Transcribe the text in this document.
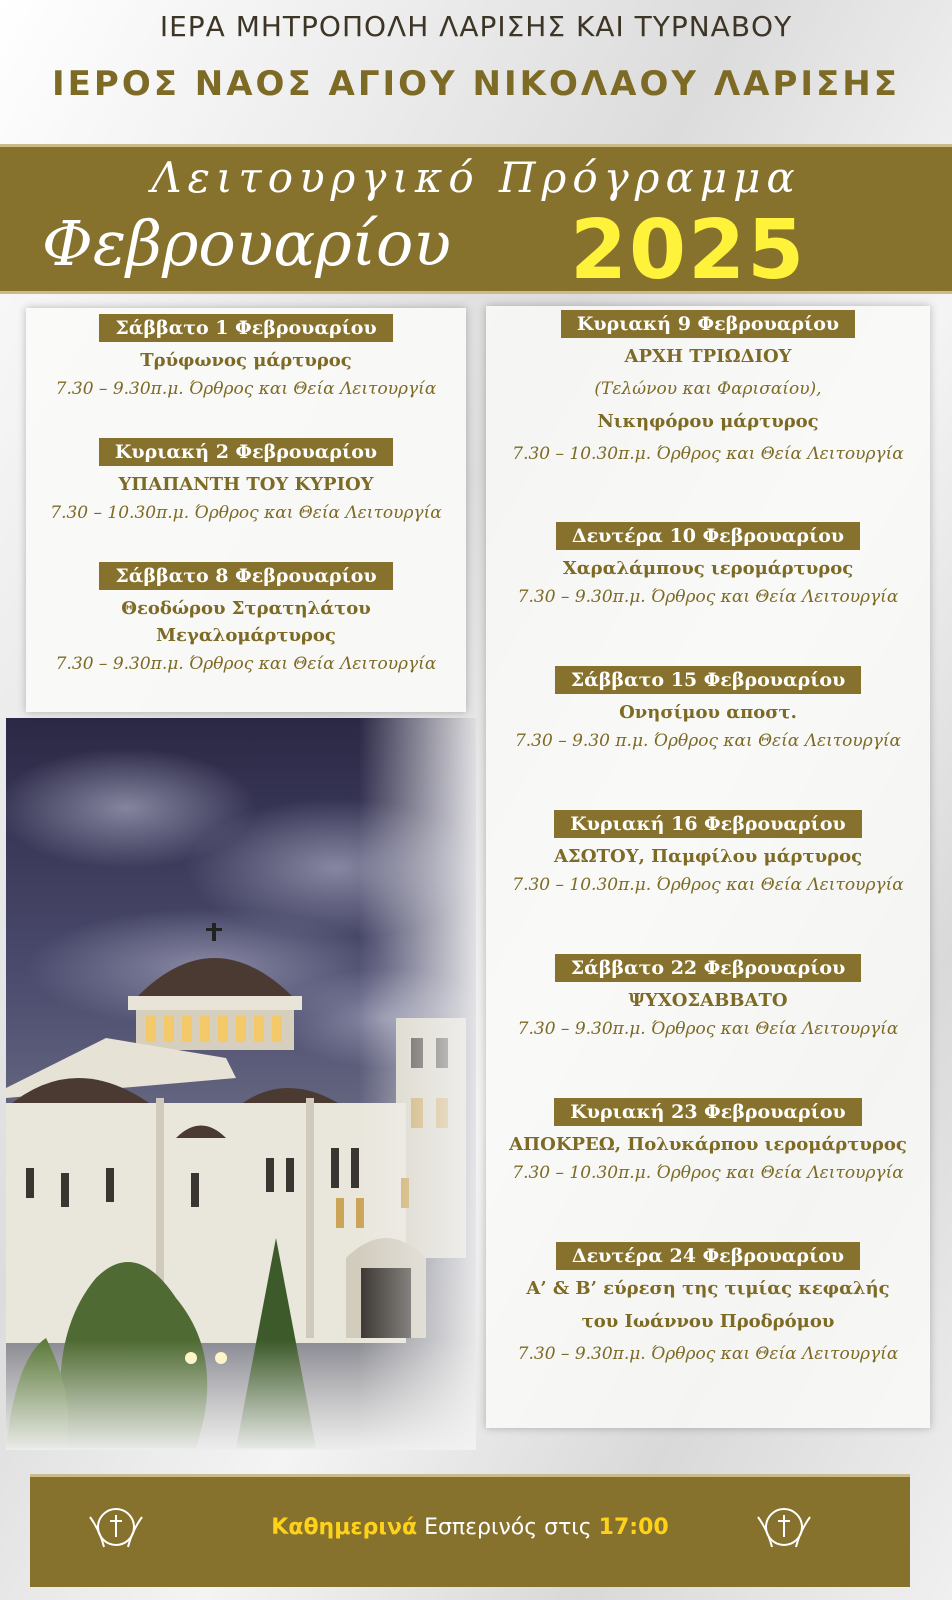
ΙΕΡΑ ΜΗΤΡΟΠΟΛΗ ΛΑΡΙΣΗΣ ΚΑΙ ΤΥΡΝΑΒΟΥ
ΙΕΡΟΣ ΝΑΟΣ ΑΓΙΟΥ ΝΙΚΟΛΑΟΥ ΛΑΡΙΣΗΣ
Λειτουργικό Πρόγραμμα
Φεβρουαρίου 2025
Σάββατο 1 Φεβρουαρίου
Τρύφωνος μάρτυρος
7.30 – 9.30π.μ. Όρθρος και Θεία Λειτουργία
Κυριακή 2 Φεβρουαρίου
ΥΠΑΠΑΝΤΗ ΤΟΥ ΚΥΡΙΟΥ
7.30 – 10.30π.μ. Όρθρος και Θεία Λειτουργία
Σάββατο 8 Φεβρουαρίου
Θεοδώρου Στρατηλάτου
Μεγαλομάρτυρος
7.30 – 9.30π.μ. Όρθρος και Θεία Λειτουργία
Κυριακή 9 Φεβρουαρίου
ΑΡΧΗ ΤΡΙΩΔΙΟΥ
(Τελώνου και Φαρισαίου),
Νικηφόρου μάρτυρος
7.30 – 10.30π.μ. Όρθρος και Θεία Λειτουργία
Δευτέρα 10 Φεβρουαρίου
Χαραλάμπους ιερομάρτυρος
7.30 – 9.30π.μ. Όρθρος και Θεία Λειτουργία
Σάββατο 15 Φεβρουαρίου
Ονησίμου αποστ.
7.30 – 9.30 π.μ. Όρθρος και Θεία Λειτουργία
Κυριακή 16 Φεβρουαρίου
ΑΣΩΤΟΥ, Παμφίλου μάρτυρος
7.30 – 10.30π.μ. Όρθρος και Θεία Λειτουργία
Σάββατο 22 Φεβρουαρίου
ΨΥΧΟΣΑΒΒΑΤΟ
7.30 – 9.30π.μ. Όρθρος και Θεία Λειτουργία
Κυριακή 23 Φεβρουαρίου
ΑΠΟΚΡΕΩ, Πολυκάρπου ιερομάρτυρος
7.30 – 10.30π.μ. Όρθρος και Θεία Λειτουργία
Δευτέρα 24 Φεβρουαρίου
Α’ & Β’ εύρεση της τιμίας κεφαλής
του Ιωάννου Προδρόμου
7.30 – 9.30π.μ. Όρθρος και Θεία Λειτουργία
Καθημερινά Εσπερινός στις 17:00
